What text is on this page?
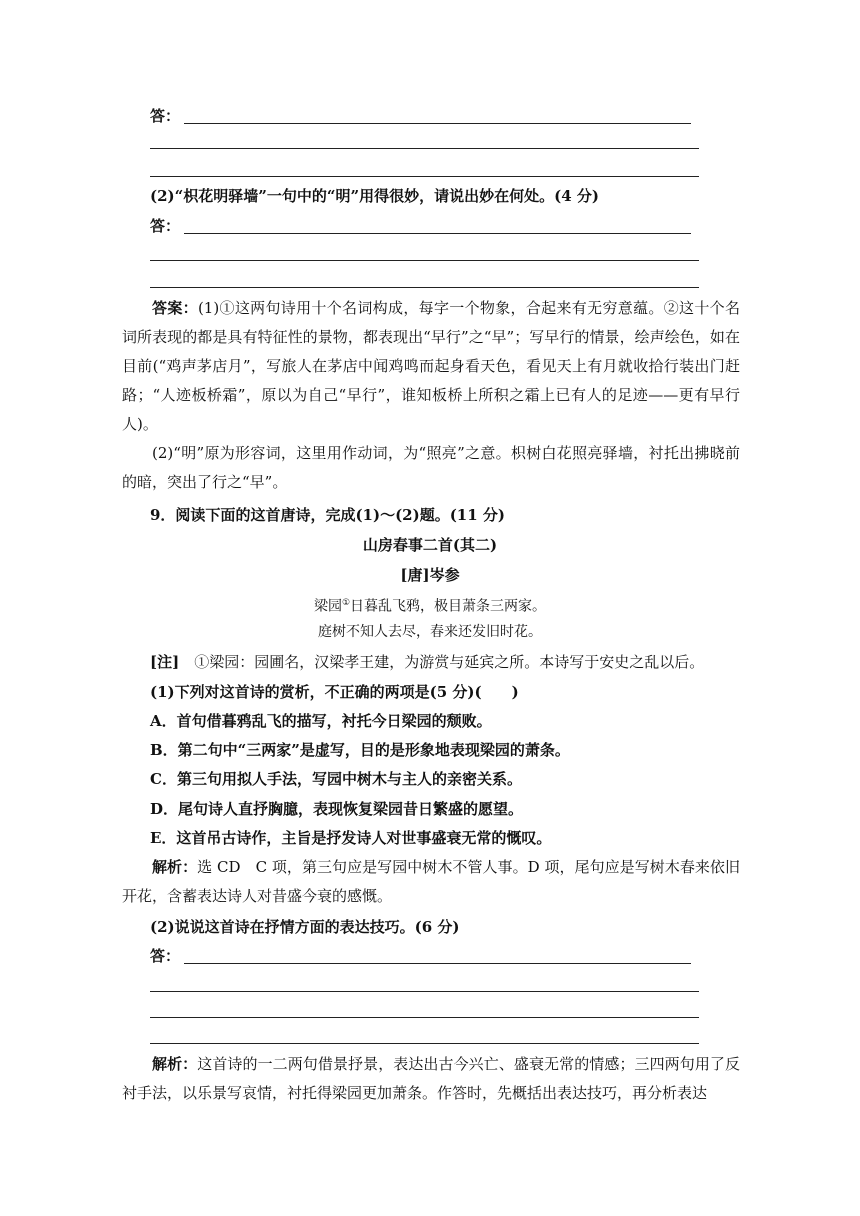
答：
(2)“枳花明驿墙”一句中的“明”用得很妙，请说出妙在何处。(4 分)
答：
答案：(1)①这两句诗用十个名词构成，每字一个物象，合起来有无穷意蕴。②这十个名词所表现的都是具有特征性的景物，都表现出“早行”之“早”；写早行的情景，绘声绘色，如在目前(“鸡声茅店月”，写旅人在茅店中闻鸡鸣而起身看天色，看见天上有月就收拾行装出门赶路；“人迹板桥霜”，原以为自己“早行”，谁知板桥上所积之霜上已有人的足迹——更有早行人)。
(2)“明”原为形容词，这里用作动词，为“照亮”之意。枳树白花照亮驿墙，衬托出拂晓前的暗，突出了行之“早”。
9．阅读下面的这首唐诗，完成(1)～(2)题。(11 分)
山房春事二首(其二)
[唐]岑参
梁园①日暮乱飞鸦，极目萧条三两家。
庭树不知人去尽，春来还发旧时花。
[注]　 ①梁园：园圃名，汉梁孝王建，为游赏与延宾之所。本诗写于安史之乱以后。
(1)下列对这首诗的赏析，不正确的两项是(5 分)(　　)
A．首句借暮鸦乱飞的描写，衬托今日梁园的颓败。
B．第二句中“三两家”是虚写，目的是形象地表现梁园的萧条。
C．第三句用拟人手法，写园中树木与主人的亲密关系。
D．尾句诗人直抒胸臆，表现恢复梁园昔日繁盛的愿望。
E．这首吊古诗作，主旨是抒发诗人对世事盛衰无常的慨叹。
解析：选 CD　C 项，第三句应是写园中树木不管人事。D 项，尾句应是写树木春来依旧开花，含蓄表达诗人对昔盛今衰的感慨。
(2)说说这首诗在抒情方面的表达技巧。(6 分)
答：
解析：这首诗的一二两句借景抒景，表达出古今兴亡、盛衰无常的情感；三四两句用了反衬手法，以乐景写哀情，衬托得梁园更加萧条。作答时，先概括出表达技巧，再分析表达
